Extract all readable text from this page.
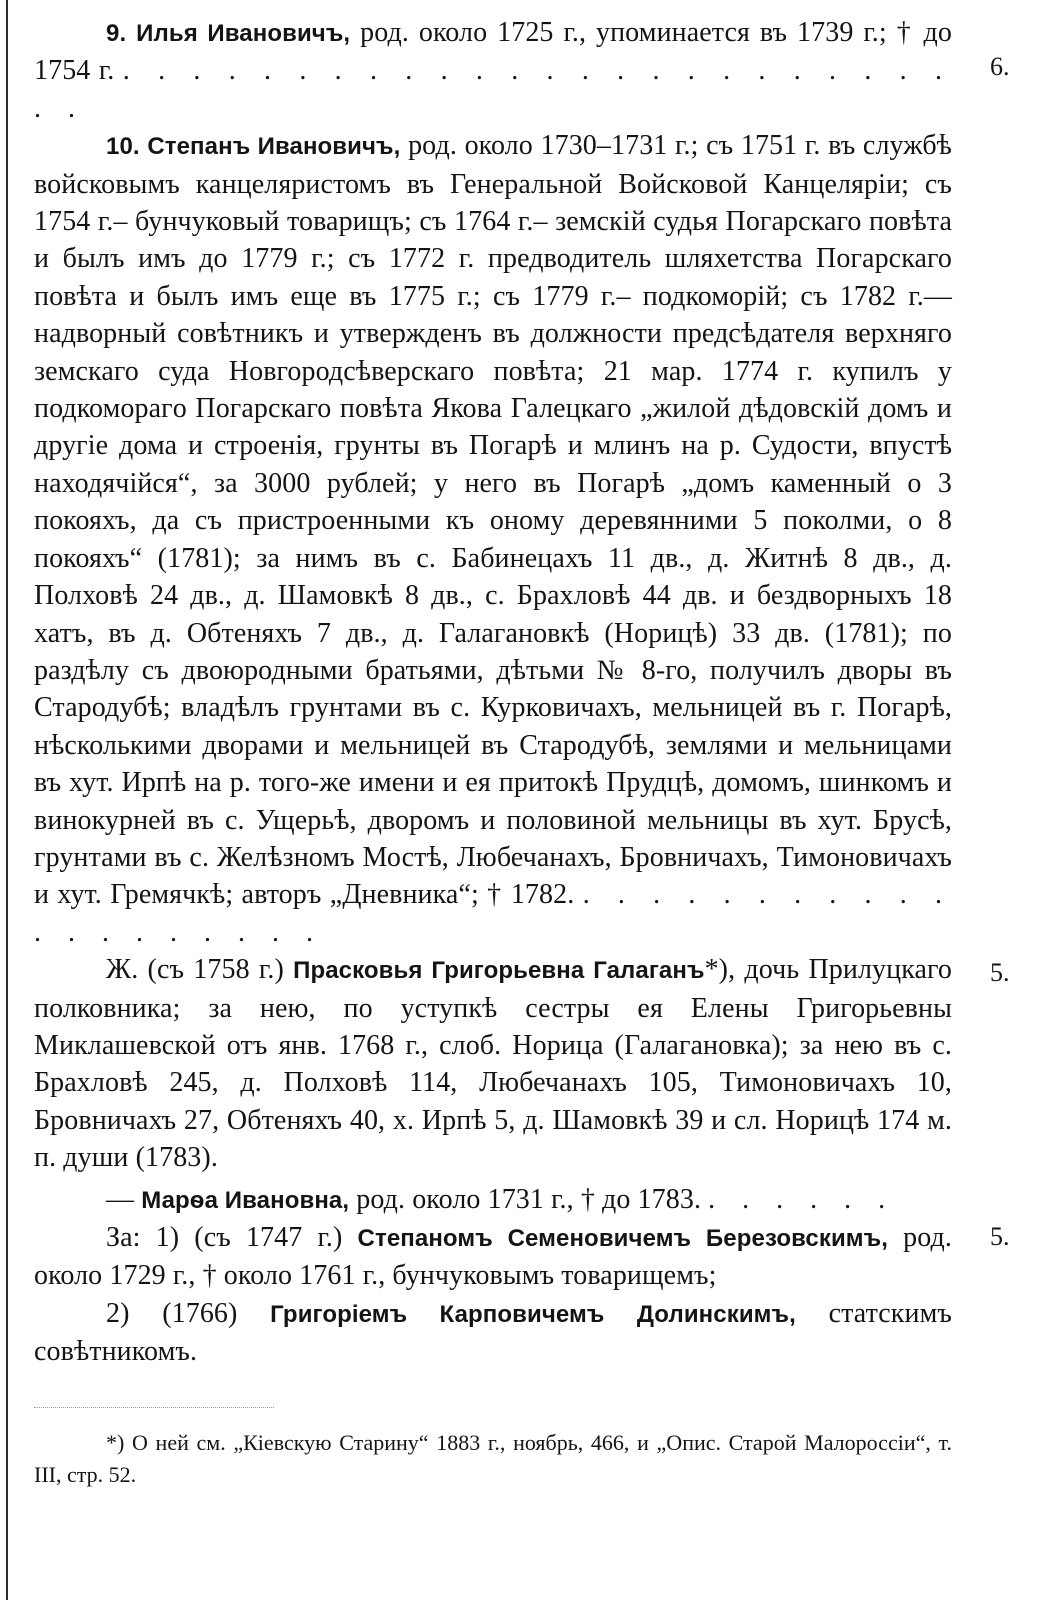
9. Илья Ивановичъ, род. около 1725 г., упоминается въ 1739 г.; † до 1754 г. . . . . . . . . . . . . . . . . . . . . . . . . . .

10. Степанъ Ивановичъ, род. около 1730–1731 г.; съ 1751 г. въ службѣ войсковымъ канцеляристомъ въ Генеральной Войсковой Канцеляріи; съ 1754 г.– бунчуковый товарищъ; съ 1764 г.– земскій судья Погарскаго повѣта и былъ имъ до 1779 г.; съ 1772 г. предводитель шляхетства Погарскаго повѣта и былъ имъ еще въ 1775 г.; съ 1779 г.– подкоморій; съ 1782 г.—надворный совѣтникъ и утвержденъ въ должности предсѣдателя верхняго земскаго суда Новгородсѣверскаго повѣта; 21 мар. 1774 г. купилъ у подкоморагo Погарскаго повѣта Якова Галецкаго „жилой дѣдовскій домъ и другіе дома и строенія, грунты въ Погарѣ и млинъ на р. Судости, впустѣ находячійся“, за 3000 рублей; у него въ Погарѣ „домъ каменный о 3 покояхъ, да съ пристроенными къ оному деревянними 5 поколми, о 8 покояхъ“ (1781); за нимъ въ с. Бабинецахъ 11 дв., д. Житнѣ 8 дв., д. Полховѣ 24 дв., д. Шамовкѣ 8 дв., с. Брахловѣ 44 дв. и бездворныхъ 18 хатъ, въ д. Обтеняхъ 7 дв., д. Галагановкѣ (Норицѣ) 33 дв. (1781); по раздѣлу съ двоюродными братьями, дѣтьми № 8-го, получилъ дворы въ Стародубѣ; владѣлъ грунтами въ с. Курковичахъ, мельницей въ г. Погарѣ, нѣсколькими дворами и мельницей въ Стародубѣ, землями и мельницами въ хут. Ирпѣ на р. того-же имени и ея притокѣ Прудцѣ, домомъ, шинкомъ и винокурней въ с. Ущерьѣ, дворомъ и половиной мельницы въ хут. Брусѣ, грунтами въ с. Желѣзномъ Мостѣ, Любечанахъ, Бровничахъ, Тимоновичахъ и хут. Гремячкѣ; авторъ „Дневника“; † 1782. . . . . . . . . . . . . . . . . . . . .

Ж. (съ 1758 г.) Прасковья Григорьевна Галаганъ*), дочь Прилуцкаго полковника; за нею, по уступкѣ сестры ея Елены Григорьевны Миклашевской отъ янв. 1768 г., слоб. Норица (Галагановка); за нею въ с. Брахловѣ 245, д. Полховѣ 114, Любечанахъ 105, Тимоновичахъ 10, Бровничахъ 27, Обтеняхъ 40, х. Ирпѣ 5, д. Шамовкѣ 39 и сл. Норицѣ 174 м. п. души (1783).

— Марѳа Ивановна, род. около 1731 г., † до 1783. . . . . . .

За: 1) (съ 1747 г.) Степаномъ Семеновичемъ Березовскимъ, род. около 1729 г., † около 1761 г., бунчуковымъ товарищемъ;

2) (1766) Григоріемъ Карповичемъ Долинскимъ, статскимъ совѣтникомъ.

*) О ней см. „Кіевскую Старину“ 1883 г., ноябрь, 466, и „Опис. Старой Малороссіи“, т. III, стр. 52.

6.
5.
5.
